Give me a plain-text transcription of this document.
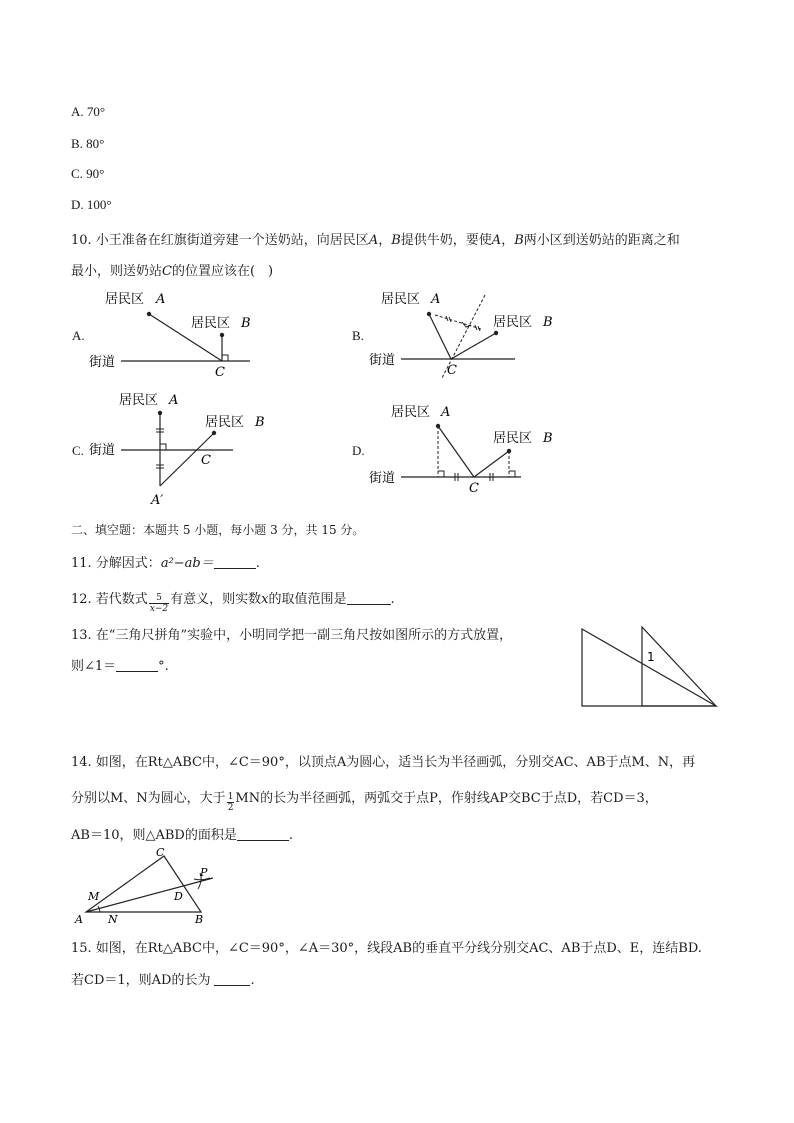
A. 70°
B. 80°
C. 90°
D. 100°
10. 小王准备在红旗街道旁建一个送奶站，向居民区A，B提供牛奶，要使A，B两小区到送奶站的距离之和
最小，则送奶站C的位置应该在(　)
A.	B.
C.	D.
居民区 A
居民区 B
街道
C
居民区 A
居民区 B
街道
C
居民区 A
居民区 B
街道
C
A′
居民区 A
居民区 B
街道
C
二、填空题：本题共 5 小题，每小题 3 分，共 15 分。
11. 分解因式：a²−ab＝	.
12. 若代数式 $\frac{5}{x-2}$ 有意义，则实数x的取值范围是	.
13. 在“三角尺拼角”实验中，小明同学把一副三角尺按如图所示的方式放置，
则∠1＝	°.
1
14. 如图，在Rt△ABC中，∠C＝90°，以顶点A为圆心，适当长为半径画弧，分别交AC、AB于点M、N，再
分别以M、N为圆心，大于 $\frac{1}{2}$ MN的长为半径画弧，两弧交于点P，作射线AP交BC于点D，若CD＝3，
AB＝10，则△ABD的面积是	.
C
M	D
P
A N	B
15. 如图，在Rt△ABC中，∠C＝90°，∠A＝30°，线段AB的垂直平分线分别交AC、AB于点D、E，连结BD.
若CD＝1，则AD的长为	.
